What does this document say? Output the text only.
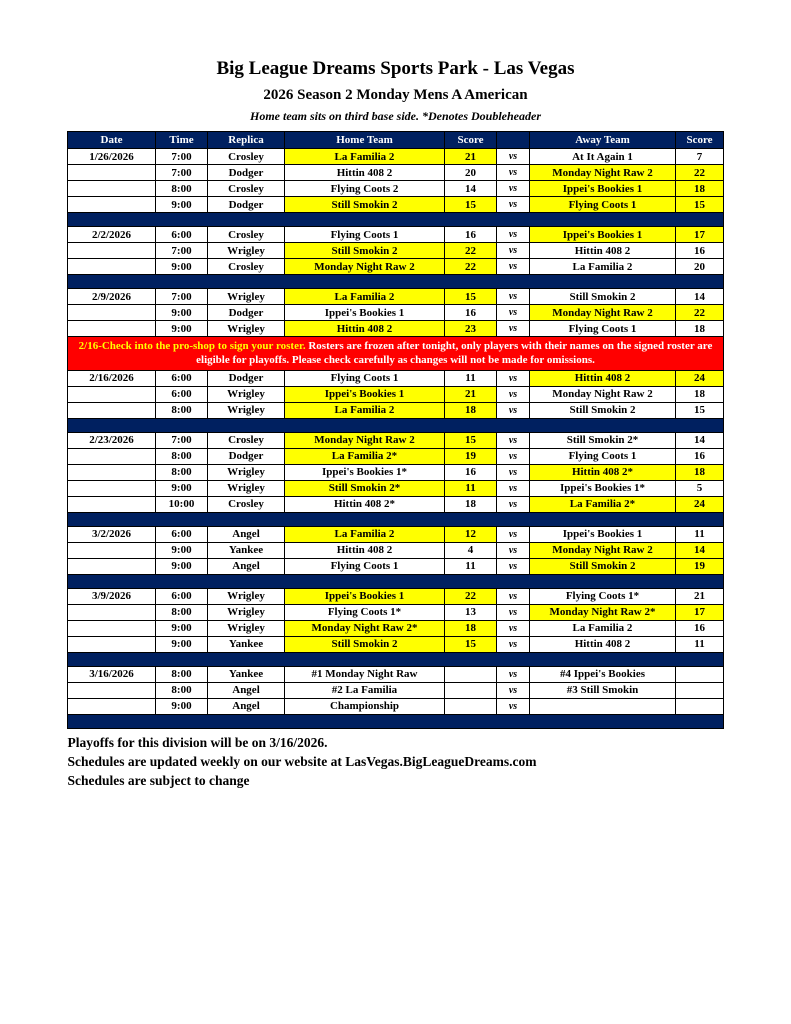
Big League Dreams Sports Park - Las Vegas
2026 Season 2 Monday Mens A American
Home team sits on third base side. *Denotes Doubleheader
Date	Time	Replica	Home Team	Score		Away Team	Score
1/26/2026	7:00	Crosley	La Familia 2	21	vs	At It Again 1	7
	7:00	Dodger	Hittin 408 2	20	vs	Monday Night Raw 2	22
	8:00	Crosley	Flying Coots 2	14	vs	Ippei's Bookies 1	18
	9:00	Dodger	Still Smokin 2	15	vs	Flying Coots 1	15

2/2/2026	6:00	Crosley	Flying Coots 1	16	vs	Ippei's Bookies 1	17
	7:00	Wrigley	Still Smokin 2	22	vs	Hittin 408 2	16
	9:00	Crosley	Monday Night Raw 2	22	vs	La Familia 2	20

2/9/2026	7:00	Wrigley	La Familia 2	15	vs	Still Smokin 2	14
	9:00	Dodger	Ippei's Bookies 1	16	vs	Monday Night Raw 2	22
	9:00	Wrigley	Hittin 408 2	23	vs	Flying Coots 1	18
2/16-Check into the pro-shop to sign your roster. Rosters are frozen after tonight, only players with their names on the signed roster are eligible for playoffs. Please check carefully as changes will not be made for omissions.							
2/16/2026	6:00	Dodger	Flying Coots 1	11	vs	Hittin 408 2	24
	6:00	Wrigley	Ippei's Bookies 1	21	vs	Monday Night Raw 2	18
	8:00	Wrigley	La Familia 2	18	vs	Still Smokin 2	15

2/23/2026	7:00	Crosley	Monday Night Raw 2	15	vs	Still Smokin 2*	14
	8:00	Dodger	La Familia 2*	19	vs	Flying Coots 1	16
	8:00	Wrigley	Ippei's Bookies 1*	16	vs	Hittin 408 2*	18
	9:00	Wrigley	Still Smokin 2*	11	vs	Ippei's Bookies 1*	5
	10:00	Crosley	Hittin 408 2*	18	vs	La Familia 2*	24

3/2/2026	6:00	Angel	La Familia 2	12	vs	Ippei's Bookies 1	11
	9:00	Yankee	Hittin 408 2	4	vs	Monday Night Raw 2	14
	9:00	Angel	Flying Coots 1	11	vs	Still Smokin 2	19

3/9/2026	6:00	Wrigley	Ippei's Bookies 1	22	vs	Flying Coots 1*	21
	8:00	Wrigley	Flying Coots 1*	13	vs	Monday Night Raw 2*	17
	9:00	Wrigley	Monday Night Raw 2*	18	vs	La Familia 2	16
	9:00	Yankee	Still Smokin 2	15	vs	Hittin 408 2	11

3/16/2026	8:00	Yankee	#1 Monday Night Raw		vs	#4 Ippei's Bookies	
	8:00	Angel	#2 La Familia		vs	#3 Still Smokin	
	9:00	Angel	Championship		vs		

Playoffs for this division will be on 3/16/2026.
Schedules are updated weekly on our website at LasVegas.BigLeagueDreams.com
Schedules are subject to change
